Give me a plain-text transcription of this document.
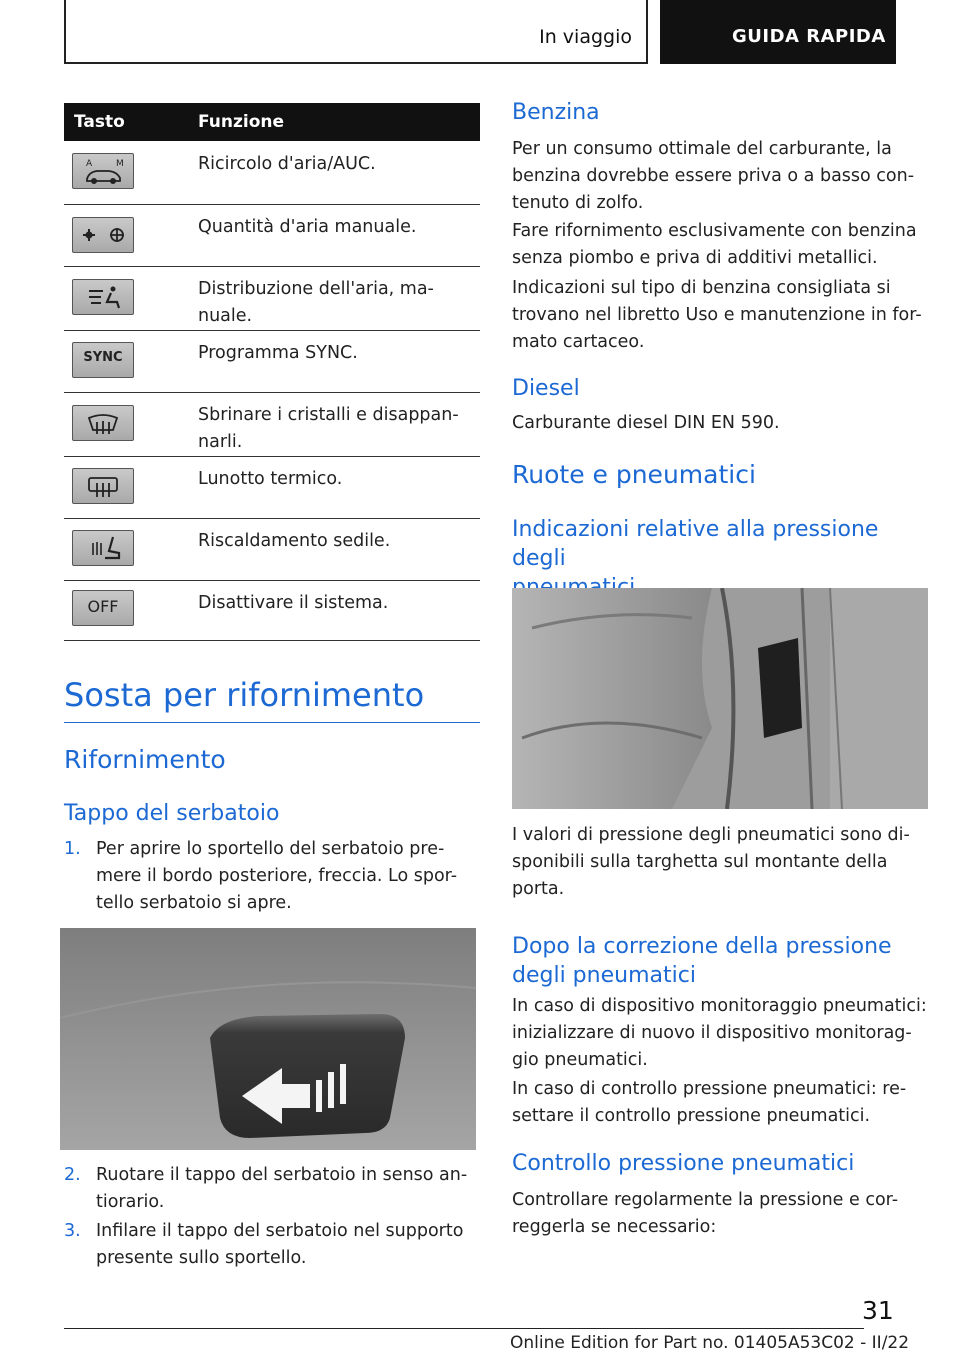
In viaggio	GUIDA RAPIDA
Tasto	Funzione
A	M	Ricircolo d'aria/AUC.
Quantità d'aria manuale.
Distribuzione dell'aria, ma-
nuale.
SYNC	Programma SYNC.
Sbrinare i cristalli e disappan-
narli.
Lunotto termico.
Riscaldamento sedile.
OFF	Disattivare il sistema.
Sosta per rifornimento
Rifornimento
Tappo del serbatoio
1. Per aprire lo sportello del serbatoio pre-
mere il bordo posteriore, freccia. Lo spor-
tello serbatoio si apre.
2. Ruotare il tappo del serbatoio in senso an-
tiorario.
3. Infilare il tappo del serbatoio nel supporto
presente sullo sportello.
Benzina
Per un consumo ottimale del carburante, la
benzina dovrebbe essere priva o a basso con-
tenuto di zolfo.
Fare rifornimento esclusivamente con benzina
senza piombo e priva di additivi metallici.
Indicazioni sul tipo di benzina consigliata si
trovano nel libretto Uso e manutenzione in for-
mato cartaceo.
Diesel
Carburante diesel DIN EN 590.
Ruote e pneumatici
Indicazioni relative alla pressione degli

I valori di pressione degli pneumatici sono di-
sponibili sulla targhetta sul montante della
porta.
Dopo la correzione della pressione
degli pneumatici
In caso di dispositivo monitoraggio pneumatici:
inizializzare di nuovo il dispositivo monitorag-
gio pneumatici.
In caso di controllo pressione pneumatici: re-
settare il controllo pressione pneumatici.
Controllo pressione pneumatici
Controllare regolarmente la pressione e cor-
reggerla se necessario:
31
Online Edition for Part no. 01405A53C02 - II/22
